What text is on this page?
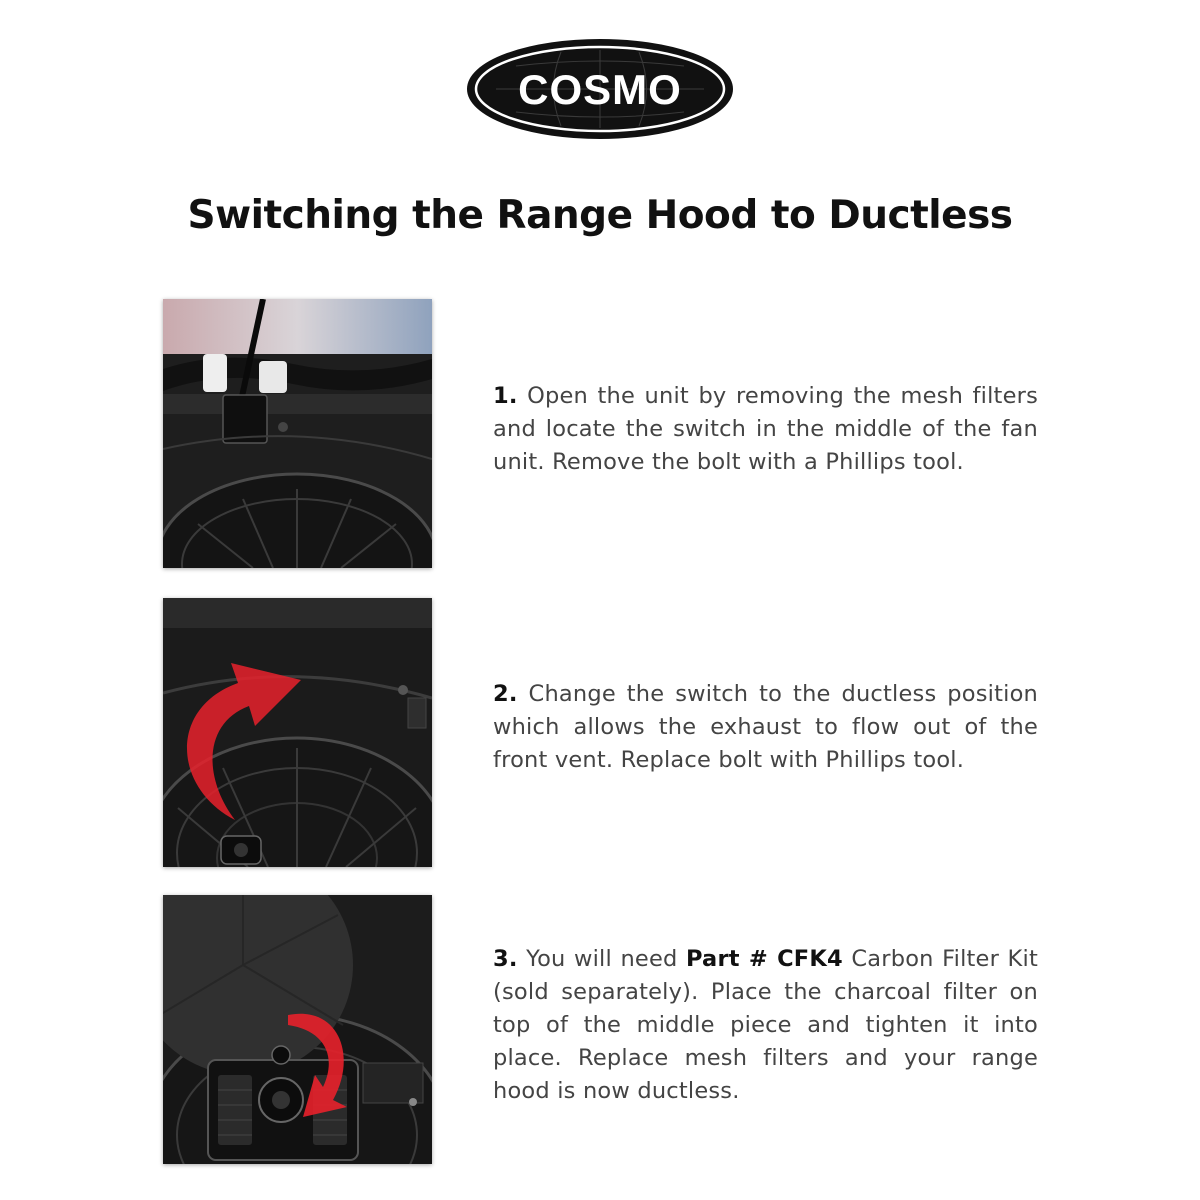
COSMO
Switching the Range Hood to Ductless
1. Open the unit by removing the mesh filters and locate the switch in the middle of the fan unit. Remove the bolt with a Phillips tool.
2. Change the switch to the ductless position which allows the exhaust to flow out of the front vent. Replace bolt with Phillips tool.
3. You will need Part # CFK4 Carbon Filter Kit (sold separately). Place the charcoal filter on top of the middle piece and tighten it into place. Replace mesh filters and your range hood is now ductless.
